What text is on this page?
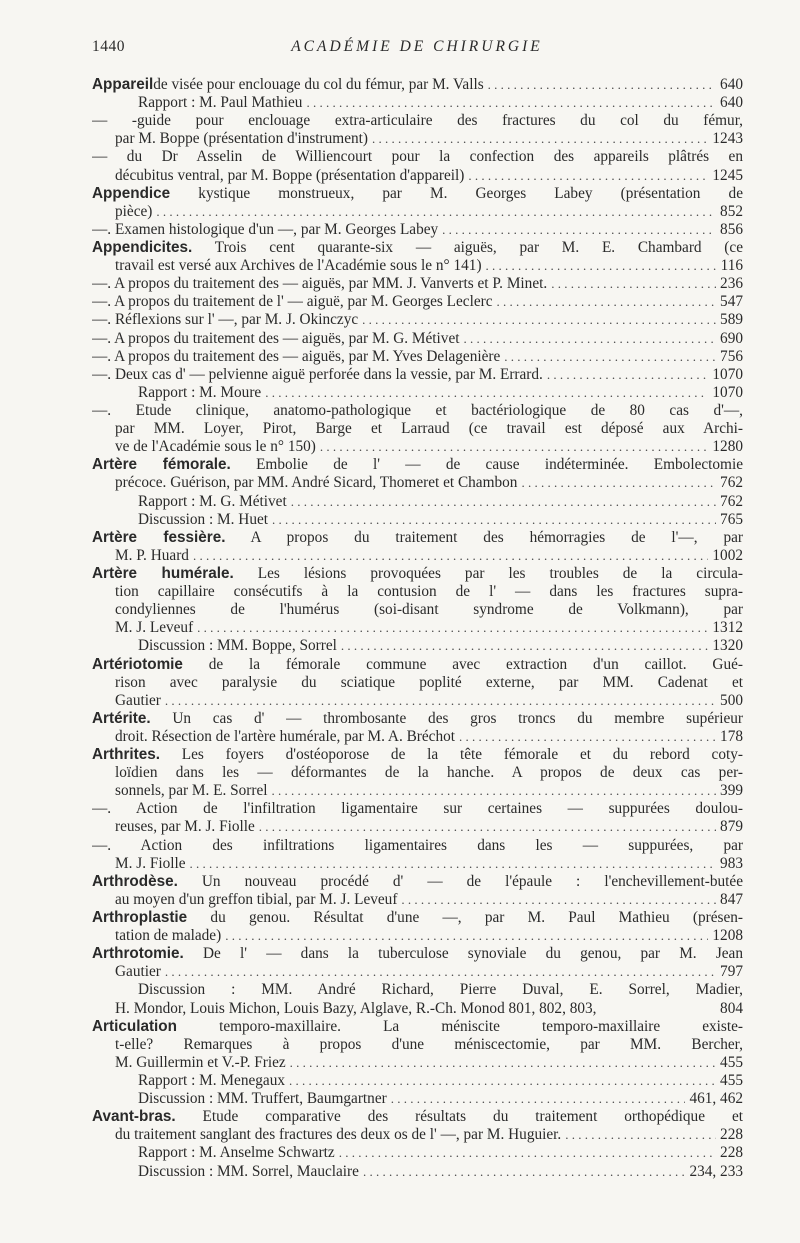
1440	ACADÉMIE DE CHIRURGIE
Appareil de visée pour enclouage du col du fémur, par M. Valls . . .	640
Rapport : M. Paul Mathieu . . .	640
— -guide pour enclouage extra-articulaire des fractures du col du fémur,
par M. Boppe (présentation d'instrument) . . .	1243
— du Dr Asselin de Williencourt pour la confection des appareils plâtrés en
décubitus ventral, par M. Boppe (présentation d'appareil) . . .	1245
Appendice kystique monstrueux, par M. Georges Labey (présentation de
pièce) . . .	852
—. Examen histologique d'un —, par M. Georges Labey . . .	856
Appendicites. Trois cent quarante-six — aiguës, par M. E. Chambard (ce
travail est versé aux Archives de l'Académie sous le n° 141) . . .	116
—. A propos du traitement des — aiguës, par MM. J. Vanverts et P. Minet. . . .	236
—. A propos du traitement de l' — aiguë, par M. Georges Leclerc . . .	547
—. Réflexions sur l' —, par M. J. Okinczyc . . .	589
—. A propos du traitement des — aiguës, par M. G. Métivet . . .	690
—. A propos du traitement des — aiguës, par M. Yves Delagenière . . .	756
—. Deux cas d' — pelvienne aiguë perforée dans la vessie, par M. Errard. . . .	1070
Rapport : M. Moure . . .	1070
—. Etude clinique, anatomo-pathologique et bactériologique de 80 cas d'—,
par MM. Loyer, Pirot, Barge et Larraud (ce travail est déposé aux Archi-
ve de l'Académie sous le n° 150) . . .	1280
Artère fémorale. Embolie de l' — de cause indéterminée. Embolectomie
précoce. Guérison, par MM. André Sicard, Thomeret et Chambon . . .	762
Rapport : M. G. Métivet . . .	762
Discussion : M. Huet . . .	765
Artère fessière. A propos du traitement des hémorragies de l'—, par
M. P. Huard . . .	1002
Artère humérale. Les lésions provoquées par les troubles de la circula-
tion capillaire consécutifs à la contusion de l' — dans les fractures supra-
condyliennes de l'humérus (soi-disant syndrome de Volkmann), par
M. J. Leveuf . . .	1312
Discussion : MM. Boppe, Sorrel . . .	1320
Artériotomie de la fémorale commune avec extraction d'un caillot. Gué-
rison avec paralysie du sciatique poplité externe, par MM. Cadenat et
Gautier . . .	500
Artérite. Un cas d' — thrombosante des gros troncs du membre supérieur
droit. Résection de l'artère humérale, par M. A. Bréchot . . .	178
Arthrites. Les foyers d'ostéoporose de la tête fémorale et du rebord coty-
loïdien dans les — déformantes de la hanche. A propos de deux cas per-
sonnels, par M. E. Sorrel . . .	399
—. Action de l'infiltration ligamentaire sur certaines — suppurées doulou-
reuses, par M. J. Fiolle . . .	879
—. Action des infiltrations ligamentaires dans les — suppurées, par
M. J. Fiolle . . .	983
Arthrodèse. Un nouveau procédé d' — de l'épaule : l'enchevillement-butée
au moyen d'un greffon tibial, par M. J. Leveuf . . .	847
Arthroplastie du genou. Résultat d'une —, par M. Paul Mathieu (présen-
tation de malade) . . .	1208
Arthrotomie. De l' — dans la tuberculose synoviale du genou, par M. Jean
Gautier . . .	797
Discussion : MM. André Richard, Pierre Duval, E. Sorrel, Madier,
H. Mondor, Louis Michon, Louis Bazy, Alglave, R.-Ch. Monod 801, 802, 803,	804
Articulation temporo-maxillaire. La méniscite temporo-maxillaire existe-
t-elle? Remarques à propos d'une méniscectomie, par MM. Bercher,
M. Guillermin et V.-P. Friez . . .	455
Rapport : M. Menegaux . . .	455
Discussion : MM. Truffert, Baumgartner . . .	461, 462
Avant-bras. Etude comparative des résultats du traitement orthopédique et
du traitement sanglant des fractures des deux os de l' —, par M. Huguier. . . .	228
Rapport : M. Anselme Schwartz . . .	228
Discussion : MM. Sorrel, Mauclaire . . .	234, 233
